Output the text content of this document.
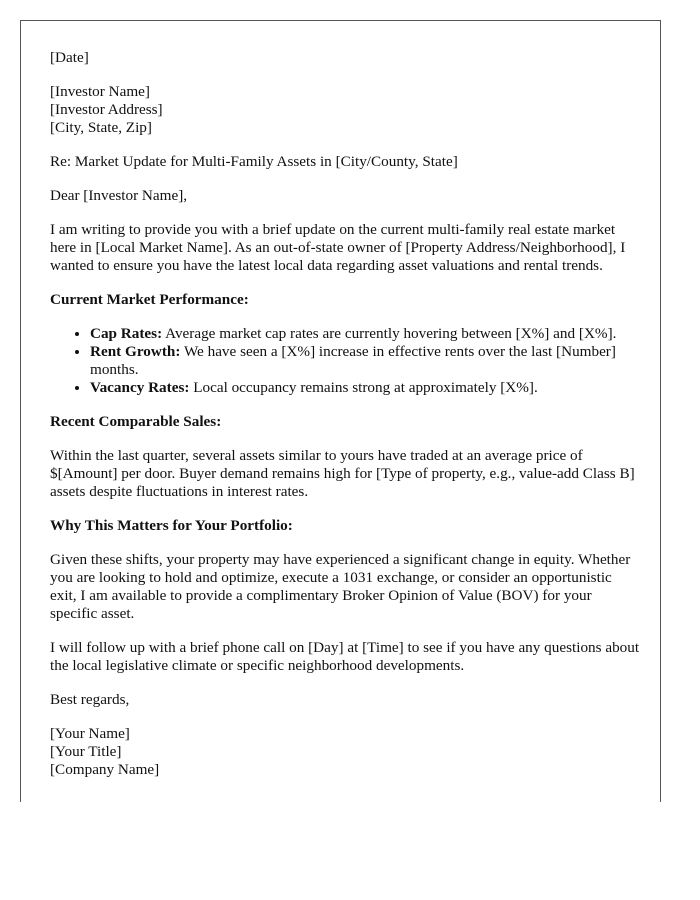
[Date]

[Investor Name]

[Investor Address]

[City, State, Zip]

Re: Market Update for Multi-Family Assets in [City/County, State]

Dear [Investor Name],

I am writing to provide you with a brief update on the current multi-family real estate market here in [Local Market Name]. As an out-of-state owner of [Property Address/Neighborhood], I wanted to ensure you have the latest local data regarding asset valuations and rental trends.

Current Market Performance:

• Cap Rates: Average market cap rates are currently hovering between [X%] and [X%].
• Rent Growth: We have seen a [X%] increase in effective rents over the last [Number] months.
• Vacancy Rates: Local occupancy remains strong at approximately [X%].

Recent Comparable Sales:

Within the last quarter, several assets similar to yours have traded at an average price of $[Amount] per door. Buyer demand remains high for [Type of property, e.g., value-add Class B] assets despite fluctuations in interest rates.

Why This Matters for Your Portfolio:

Given these shifts, your property may have experienced a significant change in equity. Whether you are looking to hold and optimize, execute a 1031 exchange, or consider an opportunistic exit, I am available to provide a complimentary Broker Opinion of Value (BOV) for your specific asset.

I will follow up with a brief phone call on [Day] at [Time] to see if you have any questions about the local legislative climate or specific neighborhood developments.

Best regards,

[Your Name]

[Your Title]

[Company Name]
